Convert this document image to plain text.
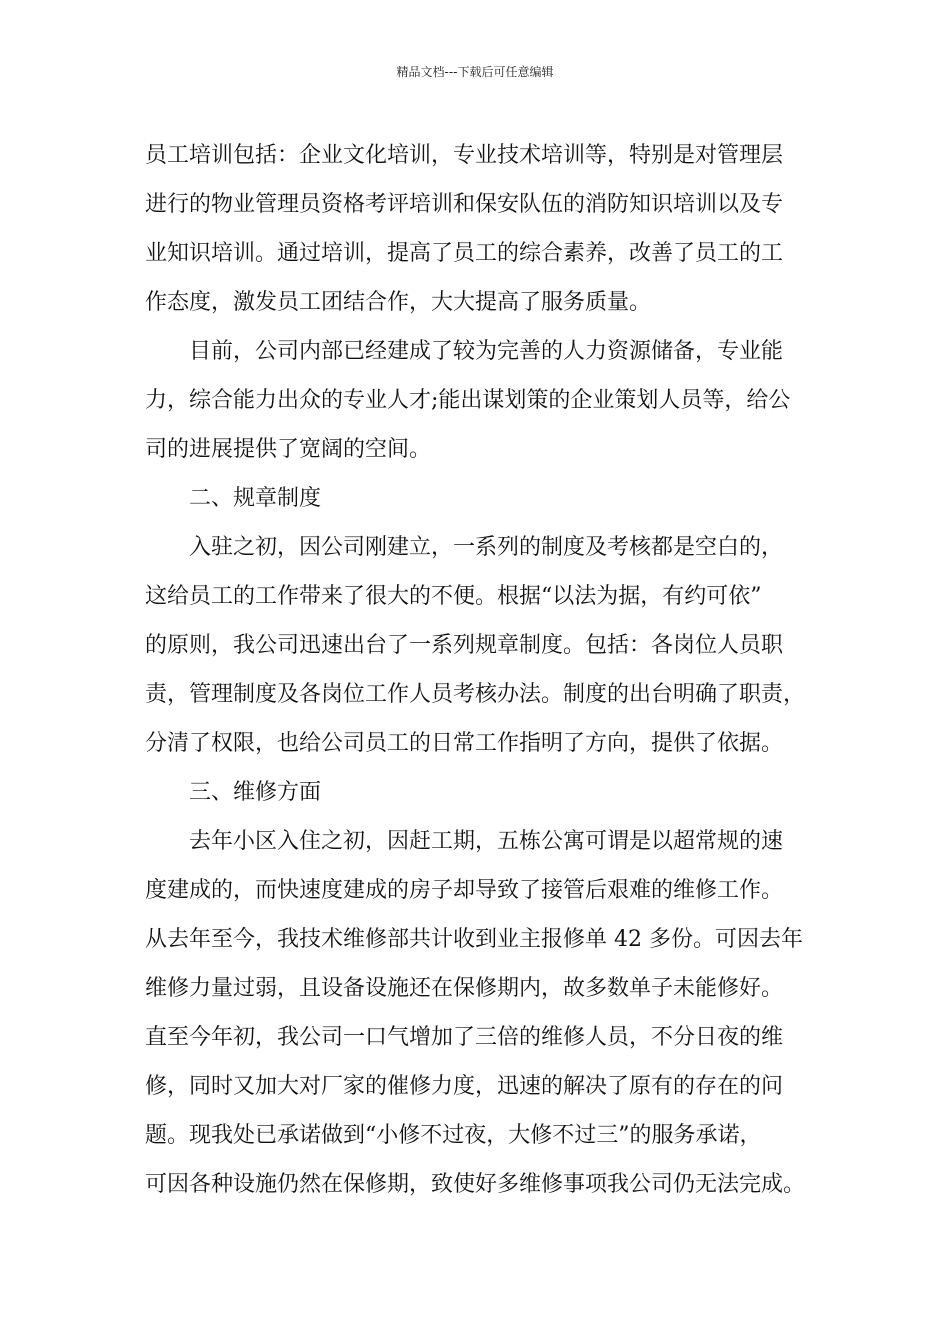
精品文档---下载后可任意编辑
员工培训包括：企业文化培训，专业技术培训等，特别是对管理层
进行的物业管理员资格考评培训和保安队伍的消防知识培训以及专
业知识培训。通过培训，提高了员工的综合素养，改善了员工的工
作态度，激发员工团结合作，大大提高了服务质量。
目前，公司内部已经建成了较为完善的人力资源储备，专业能
力，综合能力出众的专业人才;能出谋划策的企业策划人员等，给公
司的进展提供了宽阔的空间。
二、规章制度
入驻之初，因公司刚建立，一系列的制度及考核都是空白的，
这给员工的工作带来了很大的不便。根据“以法为据，有约可依”
的原则，我公司迅速出台了一系列规章制度。包括：各岗位人员职
责，管理制度及各岗位工作人员考核办法。制度的出台明确了职责，
分清了权限，也给公司员工的日常工作指明了方向，提供了依据。
三、维修方面
去年小区入住之初，因赶工期，五栋公寓可谓是以超常规的速
度建成的，而快速度建成的房子却导致了接管后艰难的维修工作。
从去年至今，我技术维修部共计收到业主报修单 42 多份。可因去年
维修力量过弱，且设备设施还在保修期内，故多数单子未能修好。
直至今年初，我公司一口气增加了三倍的维修人员，不分日夜的维
修，同时又加大对厂家的催修力度，迅速的解决了原有的存在的问
题。现我处已承诺做到“小修不过夜，大修不过三”的服务承诺，
可因各种设施仍然在保修期，致使好多维修事项我公司仍无法完成。
